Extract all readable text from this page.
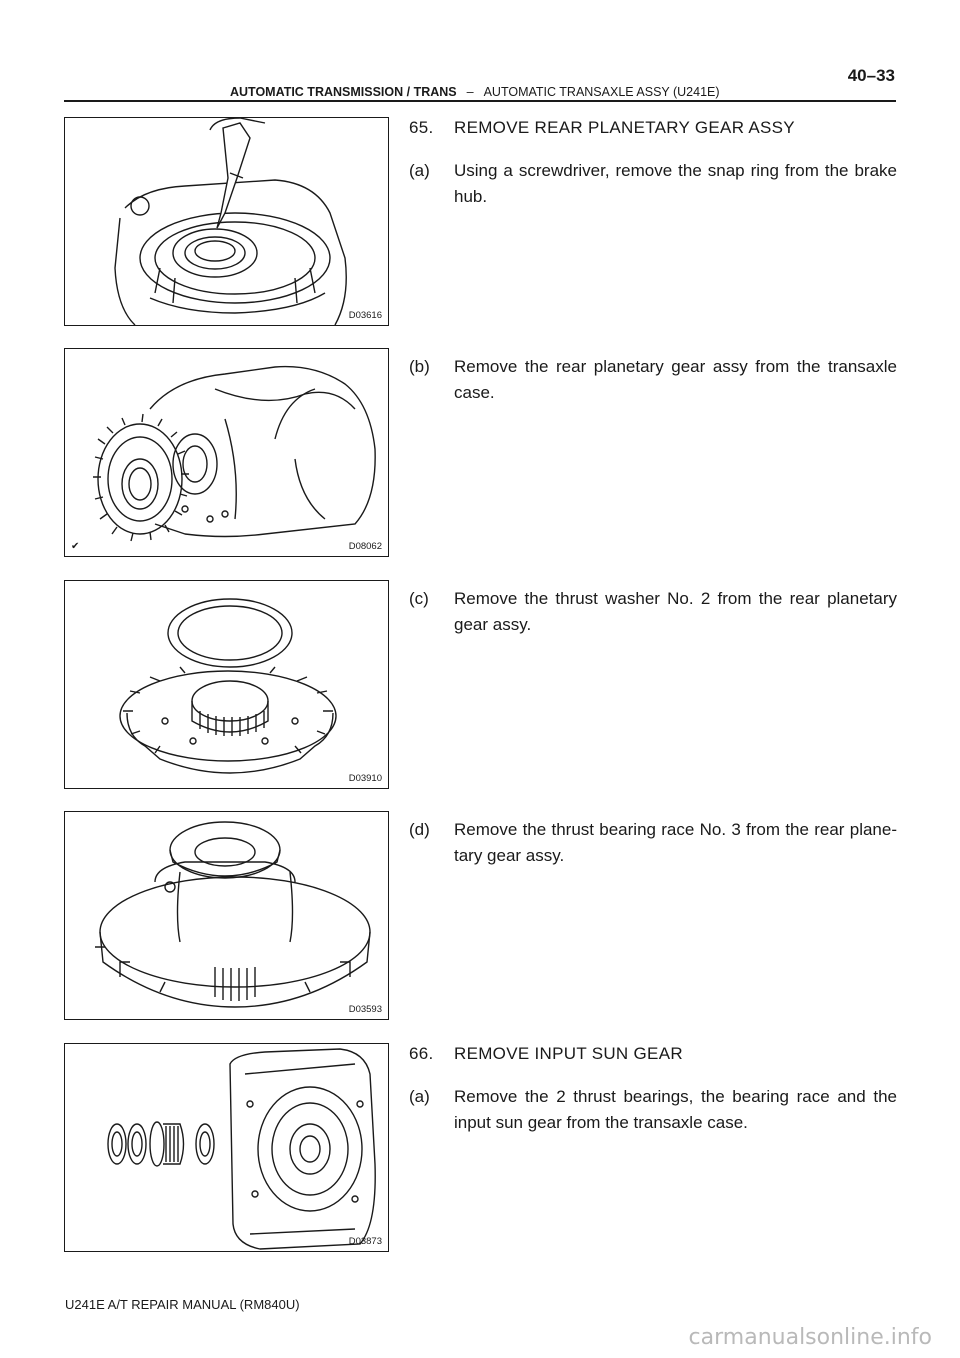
40–33
AUTOMATIC TRANSMISSION / TRANS – AUTOMATIC TRANSAXLE ASSY (U241E)
D03616
✔	D08062
D03910
D03593
D03873
65. REMOVE REAR PLANETARY GEAR ASSY
(a) Using a screwdriver, remove the snap ring from the brake hub.
(b) Remove the rear planetary gear assy from the transaxle case.
(c) Remove the thrust washer No. 2 from the rear planetary gear assy.
(d) Remove the thrust bearing race No. 3 from the rear plane- tary gear assy.
66. REMOVE INPUT SUN GEAR
(a) Remove the 2 thrust bearings, the bearing race and the input sun gear from the transaxle case.
U241E A/T REPAIR MANUAL (RM840U)
carmanualsonline.info
